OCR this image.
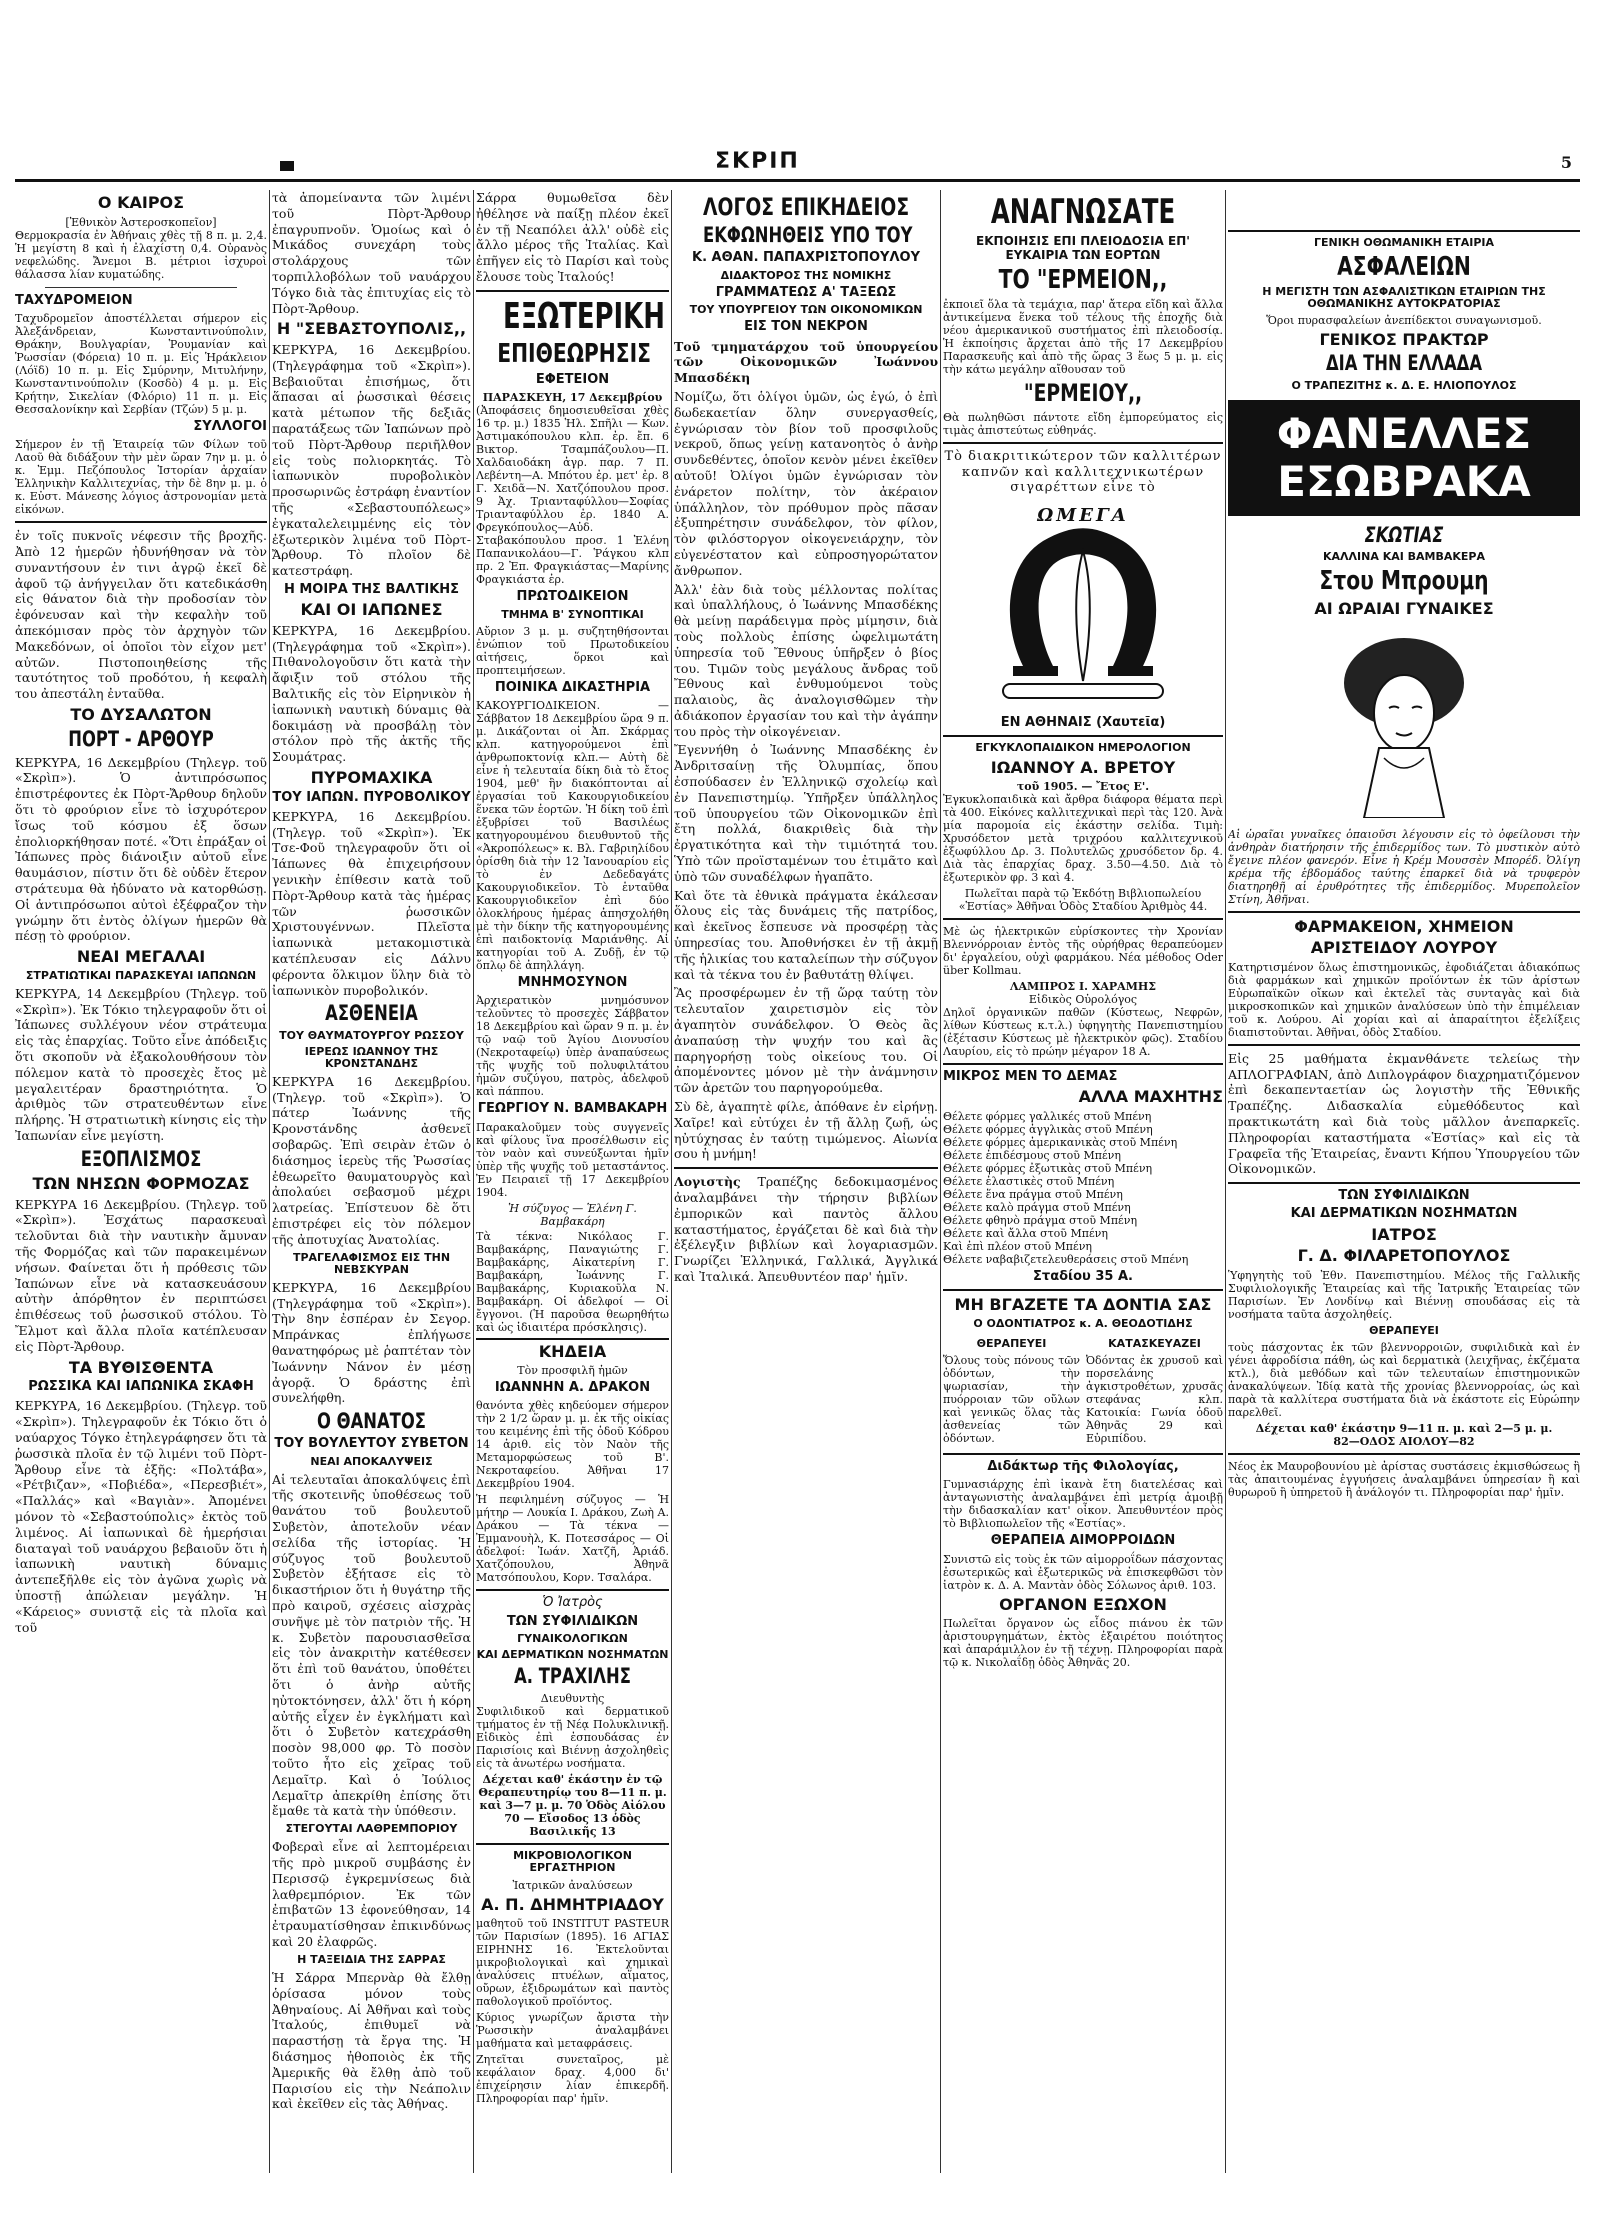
ΣΚΡΙΠ	5
Ο ΚΑΙΡΟΣ
[Ἐθνικὸν Ἀστεροσκοπεῖον]

Θερμοκρασία ἐν Ἀθήναις χθὲς τῇ 8 π. μ. 2,4. Ἡ μεγίστη 8 καὶ ἡ ἐλαχίστη 0,4. Οὐρανὸς νεφελώδης. Ἄνεμοι Β. μέτριοι ἰσχυροὶ θάλασσα λίαν κυματώδης.

ΤΑΧΥΔΡΟΜΕΙΟΝ

Ταχυδρομεῖον ἀποστέλλεται σήμερον εἰς Ἀλεξάνδρειαν, Κωνσταντινούπολιν, Θράκην, Βουλγαρίαν, Ῥουμανίαν καὶ Ῥωσσίαν (Φόρεια) 10 π. μ. Εἰς Ἡράκλειον (Λόϊδ) 10 π. μ. Εἰς Σμύρνην, Μιτυλήνην, Κωνσταντινούπολιν (Κοσδὸ) 4 μ. μ. Εἰς Κρήτην, Σικελίαν (Φλόριο) 11 π. μ. Εἰς Θεσσαλονίκην καὶ Σερβίαν (Τζών) 5 μ. μ.

ΣΥΛΛΟΓΟΙ

Σήμερον ἐν τῇ Ἑταιρείᾳ τῶν Φίλων τοῦ Λαοῦ θὰ διδάξουν τὴν μὲν ὥραν 7ην μ. μ. ὁ κ. Ἐμμ. Πεζόπουλος Ἱστορίαν ἀρχαίαν Ἑλληνικὴν Καλλιτεχνίας, τὴν δὲ 8ην μ. μ. ὁ κ. Εὐστ. Μάνεσης λόγιος ἀστρονομίαν μετὰ εἰκόνων.

ἐν τοῖς πυκνοῖς νέφεσιν τῆς βροχῆς. Ἀπὸ 12 ἡμερῶν ἠδυνήθησαν νὰ τὸν συναντήσουν ἐν τινι ἀγρῷ ἐκεῖ δὲ ἀφοῦ τῷ ἀνήγγειλαν ὅτι κατεδικάσθη εἰς θάνατον διὰ τὴν προδοσίαν τὸν ἐφόνευσαν καὶ τὴν κεφαλὴν τοῦ ἀπεκόμισαν πρὸς τὸν ἀρχηγὸν τῶν Μακεδόνων, οἱ ὁποῖοι τὸν εἶχον μετ' αὐτῶν. Πιστοποιηθείσης τῆς ταυτότητος τοῦ προδότου, ἡ κεφαλὴ του ἀπεστάλη ἐνταῦθα.

ΤΟ ΔΥΣΑΛΩΤΟΝ
ΠΟΡΤ - ΑΡΘΟΥΡ

ΚΕΡΚΥΡΑ, 16 Δεκεμβρίου (Τηλεγρ. τοῦ «Σκρὶπ»). Ὁ ἀντιπρόσωπος ἐπιστρέφοντες ἐκ Πὸρτ-Ἄρθουρ δηλοῦν ὅτι τὸ φρούριον εἶνε τὸ ἰσχυρότερον ἴσως τοῦ κόσμου ἐξ ὅσων ἐπολιορκήθησαν ποτέ. «Ὅτι ἐπράξαν οἱ Ἰάπωνες πρὸς διάνοιξιν αὐτοῦ εἶνε θαυμάσιον, πίστιν ὅτι δὲ οὐδὲν ἕτερον στράτευμα θὰ ἠδύνατο νὰ κατορθώσῃ. Οἱ ἀντιπρόσωποι αὐτοὶ ἐξέφραζον τὴν γνώμην ὅτι ἐντὸς ὀλίγων ἡμερῶν θὰ πέσῃ τὸ φρούριον.

ΝΕΑΙ ΜΕΓΑΛΑΙ
ΣΤΡΑΤΙΩΤΙΚΑΙ ΠΑΡΑΣΚΕΥΑΙ ΙΑΠΩΝΩΝ

ΚΕΡΚΥΡΑ, 14 Δεκεμβρίου (Τηλεγρ. τοῦ «Σκρὶπ»). Ἐκ Τόκιο τηλεγραφοῦν ὅτι οἱ Ἰάπωνες συλλέγουν νέον στράτευμα εἰς τὰς ἐπαρχίας. Τοῦτο εἶνε ἀπόδειξις ὅτι σκοποῦν νὰ ἐξακολουθήσουν τὸν πόλεμον κατὰ τὸ προσεχὲς ἔτος μὲ μεγαλειτέραν δραστηριότητα. Ὁ ἀριθμὸς τῶν στρατευθέντων εἶνε πλήρης. Ἡ στρατιωτικὴ κίνησις εἰς τὴν Ἰαπωνίαν εἶνε μεγίστη.

ΕΞΟΠΛΙΣΜΟΣ
ΤΩΝ ΝΗΣΩΝ ΦΟΡΜΟΖΑΣ

ΚΕΡΚΥΡΑ 16 Δεκεμβρίου. (Τηλεγρ. τοῦ «Σκρὶπ»). Ἐσχάτως παρασκευαὶ τελοῦνται διὰ τὴν ναυτικὴν ἄμυναν τῆς Φορμόζας καὶ τῶν παρακειμένων νήσων. Φαίνεται ὅτι ἡ πρόθεσις τῶν Ἰαπώνων εἶνε νὰ κατασκευάσουν αὐτὴν ἀπόρθητον ἐν περιπτώσει ἐπιθέσεως τοῦ ῥωσσικοῦ στόλου. Τὸ Ἔλμοτ καὶ ἄλλα πλοῖα κατέπλευσαν εἰς Πὸρτ-Ἄρθουρ.

ΤΑ ΒΥΘΙΣΘΕΝΤΑ
ΡΩΣΣΙΚΑ ΚΑΙ ΙΑΠΩΝΙΚΑ ΣΚΑΦΗ

ΚΕΡΚΥΡΑ, 16 Δεκεμβρίου. (Τηλεγρ. τοῦ «Σκρὶπ»). Τηλεγραφοῦν ἐκ Τόκιο ὅτι ὁ ναύαρχος Τόγκο ἐτηλεγράφησεν ὅτι τὰ ῥωσσικὰ πλοῖα ἐν τῷ λιμένι τοῦ Πὸρτ-Ἄρθουρ εἶνε τὰ ἑξῆς: «Πολτάβα», «Ρέτβιζαν», «Ποβιέδα», «Περεσβιέτ», «Παλλάς» καὶ «Βαγιὰν». Ἀπομένει μόνον τὸ «Σεβαστούπολις» ἐκτὸς τοῦ λιμένος. Αἱ ἰαπωνικαὶ δὲ ἡμερήσιαι διαταγαὶ τοῦ ναυάρχου βεβαιοῦν ὅτι ἡ ἰαπωνικὴ ναυτικὴ δύναμις ἀντεπεξῆλθε εἰς τὸν ἀγῶνα χωρὶς νὰ ὑποστῇ ἀπώλειαν μεγάλην. Ἡ «Κάρειος» συνιστᾷ εἰς τὰ πλοῖα καὶ τοῦ

τὰ ἀπομείναντα τῶν λιμένι τοῦ Πὸρτ-Ἄρθουρ ἐπαγρυπνοῦν. Ὁμοίως καὶ ὁ Μικάδος συνεχάρη τοὺς στολάρχους τῶν τορπιλλοβόλων τοῦ ναυάρχου Τόγκο διὰ τὰς ἐπιτυχίας εἰς τὸ Πὸρτ-Ἄρθουρ.

Η "ΣΕΒΑΣΤΟΥΠΟΛΙΣ,,

ΚΕΡΚΥΡΑ, 16 Δεκεμβρίου. (Τηλεγράφημα τοῦ «Σκρὶπ»). Βεβαιοῦται ἐπισήμως, ὅτι ἅπασαι αἱ ῥωσσικαὶ θέσεις κατὰ μέτωπον τῆς δεξιᾶς παρατάξεως τῶν Ἰαπώνων πρὸ τοῦ Πὸρτ-Ἄρθουρ περιῆλθον εἰς τοὺς πολιορκητάς. Τὸ ἰαπωνικὸν πυροβολικὸν προσωρινῶς ἐστράφη ἐναντίον τῆς «Σεβαστουπόλεως» ἐγκαταλελειμμένης εἰς τὸν ἐξωτερικὸν λιμένα τοῦ Πὸρτ-Ἄρθουρ. Τὸ πλοῖον δὲ κατεστράφη.

Η ΜΟΙΡΑ ΤΗΣ ΒΑΛΤΙΚΗΣ
ΚΑΙ ΟΙ ΙΑΠΩΝΕΣ

ΚΕΡΚΥΡΑ, 16 Δεκεμβρίου. (Τηλεγράφημα τοῦ «Σκρὶπ»). Πιθανολογοῦσιν ὅτι κατὰ τὴν ἄφιξιν τοῦ στόλου τῆς Βαλτικῆς εἰς τὸν Εἰρηνικὸν ἡ ἰαπωνικὴ ναυτικὴ δύναμις θὰ δοκιμάσῃ νὰ προσβάλῃ τὸν στόλον πρὸ τῆς ἀκτῆς τῆς Σουμάτρας.

ΠΥΡΟΜΑΧΙΚΑ
ΤΟΥ ΙΑΠΩΝ. ΠΥΡΟΒΟΛΙΚΟΥ

ΚΕΡΚΥΡΑ, 16 Δεκεμβρίου. (Τηλεγρ. τοῦ «Σκρὶπ»). Ἐκ Τσε-Φοῦ τηλεγραφοῦν ὅτι οἱ Ἰάπωνες θὰ ἐπιχειρήσουν γενικὴν ἐπίθεσιν κατὰ τοῦ Πὸρτ-Ἄρθουρ κατὰ τὰς ἡμέρας τῶν ῥωσσικῶν Χριστουγέννων. Πλεῖστα ἰαπωνικὰ μετακομιστικὰ κατέπλευσαν εἰς Δάλνυ φέροντα ὅλκιμον ὕλην διὰ τὸ ἰαπωνικὸν πυροβολικόν.

ΑΣΘΕΝΕΙΑ
ΤΟΥ ΘΑΥΜΑΤΟΥΡΓΟΥ ΡΩΣΣΟΥ
ΙΕΡΕΩΣ ΙΩΑΝΝΟΥ ΤΗΣ ΚΡΟΝΣΤΑΝΔΗΣ

ΚΕΡΚΥΡΑ 16 Δεκεμβρίου. (Τηλεγρ. τοῦ «Σκρὶπ»). Ὁ πάτερ Ἰωάννης τῆς Κρονστάνδης ἀσθενεῖ σοβαρῶς. Ἐπὶ σειρὰν ἐτῶν ὁ διάσημος ἱερεὺς τῆς Ῥωσσίας ἐθεωρεῖτο θαυματουργὸς καὶ ἀπολαύει σεβασμοῦ μέχρι λατρείας. Ἐπίστευον δὲ ὅτι ἐπιστρέφει εἰς τὸν πόλεμον τῆς ἀποτυχίας Ἀνατολίας.

ΤΡΑΓΕΛΑΦΙΣΜΟΣ ΕΙΣ ΤΗΝ ΝΕΒΣΚΥΡΑΝ

ΚΕΡΚΥΡΑ, 16 Δεκεμβρίου (Τηλεγράφημα τοῦ «Σκρὶπ»). Τὴν 8ην ἐσπέραν ἐν Σεγορ. Μπράνκας ἐπλήγωσε θανατηφόρως μὲ ῥαπτέταν τὸν Ἰωάννην Νάνον ἐν μέσῃ ἀγορᾷ. Ὁ δράστης ἐπὶ συνελήφθη.

Ο ΘΑΝΑΤΟΣ
ΤΟΥ ΒΟΥΛΕΥΤΟΥ ΣΥΒΕΤΟΝ
ΝΕΑΙ ΑΠΟΚΑΛΥΨΕΙΣ

Αἱ τελευταῖαι ἀποκαλύψεις ἐπὶ τῆς σκοτεινῆς ὑποθέσεως τοῦ θανάτου τοῦ βουλευτοῦ Συβετὸν, ἀποτελοῦν νέαν σελίδα τῆς ἱστορίας. Ἡ σύζυγος τοῦ βουλευτοῦ Συβετὸν ἐξήτασε εἰς τὸ δικαστήριον ὅτι ἡ θυγάτηρ τῆς πρὸ καιροῦ, σχέσεις αἰσχρὰς συνῆψε μὲ τὸν πατριὸν τῆς. Ἡ κ. Συβετὸν παρουσιασθεῖσα εἰς τὸν ἀνακριτὴν κατέθεσεν ὅτι ἐπὶ τοῦ θανάτου, ὑποθέτει ὅτι ὁ ἀνὴρ αὐτῆς ηὐτοκτόνησεν, ἀλλ' ὅτι ἡ κόρη αὐτῆς εἶχεν ἐν ἐγκλήματι καὶ ὅτι ὁ Συβετὸν κατεχράσθη ποσὸν 98,000 φρ. Τὸ ποσὸν τοῦτο ἦτο εἰς χεῖρας τοῦ Λεμαῖτρ. Καὶ ὁ Ἰούλιος Λεμαῖτρ ἀπεκρίθη ἐπίσης ὅτι ἔμαθε τὰ κατὰ τὴν ὑπόθεσιν.

ΣΤΕΓΟΥΤΑΙ ΛΑΘΡΕΜΠΟΡΙΟΥ

Φοβεραὶ εἶνε αἱ λεπτομέρειαι τῆς πρὸ μικροῦ συμβάσης ἐν Περισσῷ ἐγκρεμνίσεως διὰ λαθρεμπόριον. Ἐκ τῶν ἐπιβατῶν 13 ἐφονεύθησαν, 14 ἐτραυματίσθησαν ἐπικινδύνως καὶ 20 ἐλαφρῶς.

Η ΤΑΞΕΙΔΙΑ ΤΗΣ ΣΑΡΡΑΣ

Ἡ Σάρρα Μπερνὰρ θὰ ἔλθῃ ὁρίσασα μόνον τοὺς Ἀθηναίους. Αἱ Ἀθῆναι καὶ τοὺς Ἰταλούς, ἐπιθυμεῖ νὰ παραστήσῃ τὰ ἔργα της. Ἡ διάσημος ἠθοποιὸς ἐκ τῆς Ἀμερικῆς θὰ ἔλθῃ ἀπὸ τοῦ Παρισίου εἰς τὴν Νεάπολιν καὶ ἐκεῖθεν εἰς τὰς Ἀθήνας.

Σάρρα θυμωθεῖσα δὲν ἠθέλησε νὰ παίξῃ πλέον ἐκεῖ ἐν τῇ Νεαπόλει ἀλλ' οὐδὲ εἰς ἄλλο μέρος τῆς Ἰταλίας. Καὶ ἐπῆγεν εἰς τὸ Παρίσι καὶ τοὺς ἔλουσε τοὺς Ἰταλούς!

ΕΞΩΤΕΡΙΚΗ
ΕΠΙΘΕΩΡΗΣΙΣ
ΕΦΕΤΕΙΟΝ
ΠΑΡΑΣΚΕΥΗ, 17 Δεκεμβρίου

(Ἀποφάσεις δημοσιευθεῖσαι χθὲς 16 τρ. μ.) 1835 Ἡλ. Σπῆλι — Κων. Ἀστιμακόπουλου κλπ. ἐρ. ἔπ. 6 Βικτορ. Τσαμπάζουλου—Π. Χαλδαιοδάκη ἀγρ. παρ. 7 Π. Λεβέντη—Α. Μπότου ἐρ. μετ' ἐρ. 8 Γ. Χειδᾶ—Ν. Χατζόπουλου προσ. 9 Ἀχ. Τριανταφύλλου—Σοφίας Τριανταφύλλου ἐρ. 1840 Α. Φρεγκόπουλος—Αὐδ. Σταβακόπουλου προσ. 1 Ἑλένη Παπανικολάου—Γ. Ῥάγκου κλπ πρ. 2 Ἐπ. Φραγκιάστας—Μαρίνης Φραγκιάστα ἐρ.

ΠΡΩΤΟΔΙΚΕΙΟΝ
ΤΜΗΜΑ Β' ΣΥΝΟΠΤΙΚΑΙ

Αὔριον 3 μ. μ. συζητηθήσονται ἐνώπιον τοῦ Πρωτοδικείου αἰτήσεις, ὅρκοι καὶ προπτειμήσεων.

ΠΟΙΝΙΚΑ ΔΙΚΑΣΤΗΡΙΑ

ΚΑΚΟΥΡΓΙΟΔΙΚΕΙΟΝ. — Σάββατον 18 Δεκεμβρίου ὥρα 9 π. μ. Δικάζονται οἱ Ἀπ. Σκάρμας κλπ. κατηγορούμενοι ἐπὶ ἀνθρωποκτονίᾳ κλπ.— Αὐτὴ δὲ εἶνε ἡ τελευταία δίκη διὰ τὸ ἔτος 1904, μεθ' ἣν διακόπτονται αἱ ἐργασίαι τοῦ Κακουργιοδικείου ἕνεκα τῶν ἑορτῶν. Ἡ δίκη τοῦ ἐπὶ ἐξυβρίσει τοῦ Βασιλέως κατηγορουμένου διευθυντοῦ τῆς «Ἀκροπόλεως» κ. Βλ. Γαβριηλίδου ὁρίσθη διὰ τὴν 12 Ἰανουαρίου εἰς τὸ ἐν Δεδεδαγάτς Κακουργιοδικεῖον. Τὸ ἑνταῦθα Κακουργιοδικεῖον ἐπὶ δύο ὁλοκλήρους ἡμέρας ἀπησχολήθη μὲ τὴν δίκην τῆς κατηγορουμένης ἐπὶ παιδοκτονίᾳ Μαριάνθης. Αἱ κατηγορίαι τοῦ Α. Ζυδῇ, ἐν τῷ ὅπλῳ δὲ ἀπηλλάγη.

ΜΝΗΜΟΣΥΝΟΝ

Ἀρχιερατικὸν μνημόσυνον τελοῦντες τὸ προσεχὲς Σάββατον 18 Δεκεμβρίου καὶ ὥραν 9 π. μ. ἐν τῷ ναῷ τοῦ Ἁγίου Διονυσίου (Νεκροταφείῳ) ὑπὲρ ἀναπαύσεως τῆς ψυχῆς τοῦ πολυφιλτάτου ἡμῶν συζύγου, πατρὸς, ἀδελφοῦ καὶ πάππου.

ΓΕΩΡΓΙΟΥ Ν. ΒΑΜΒΑΚΑΡΗ

Παρακαλοῦμεν τοὺς συγγενεῖς καὶ φίλους ἵνα προσέλθωσιν εἰς τὸν ναὸν καὶ συνεύξωνται ἡμῖν ὑπὲρ τῆς ψυχῆς τοῦ μεταστάντος. Ἐν Πειραιεῖ τῇ 17 Δεκεμβρίου 1904.

Ἡ σύζυγος — Ἑλένη Γ. Βαμβακάρη

Τὰ τέκνα: Νικόλαος Γ. Βαμβακάρης, Παναγιώτης Γ. Βαμβακάρης, Αἰκατερίνη Γ. Βαμβακάρη, Ἰωάννης Γ. Βαμβακάρης, Κυριακοῦλα Ν. Βαμβακάρη. Οἱ ἀδελφοί — Οἱ ἔγγονοι. (Ἡ παροῦσα θεωρηθήτω καὶ ὡς ἰδιαιτέρα πρόσκλησις).

ΚΗΔΕΙΑ
Τὸν προσφιλῆ ἡμῶν
ΙΩΑΝΝΗΝ Α. ΔΡΑΚΟΝ

θανόντα χθὲς κηδεύομεν σήμερον τὴν 2 1/2 ὥραν μ. μ. ἐκ τῆς οἰκίας του κειμένης ἐπὶ τῆς ὁδοῦ Κόδρου 14 ἀριθ. εἰς τὸν Ναὸν τῆς Μεταμορφώσεως τοῦ Β'. Νεκροταφείου. Ἀθῆναι 17 Δεκεμβρίου 1904.

Ἡ πεφιλημένη σύζυγος — Ἡ μήτηρ — Λουκία Ι. Δράκου, Ζωὴ Α. Δράκου — Τὰ τέκνα — Ἐμμανουὴλ, Κ. Ποτεσσάρος — Οἱ ἀδελφοί: Ἰωάν. Χατζῆ, Ἀριάδ. Χατζόπουλου, Ἀθηνᾶ Ματσόπουλου, Κορν. Τσαλάρα.

Ὁ Ἰατρὸς
ΤΩΝ ΣΥΦΙΛΙΔΙΚΩΝ
ΓΥΝΑΙΚΟΛΟΓΙΚΩΝ
ΚΑΙ ΔΕΡΜΑΤΙΚΩΝ ΝΟΣΗΜΑΤΩΝ
Α. ΤΡΑΧΙΛΗΣ
Διευθυντὴς

Συφιλιδικοῦ καὶ δερματικοῦ τμήματος ἐν τῇ Νέᾳ Πολυκλινικῇ. Εἰδικὸς ἐπὶ ἐσπουδάσας ἐν Παρισίοις καὶ Βιέννῃ ἀσχοληθεὶς εἰς τὰ ἀνωτέρω νοσήματα.

Δέχεται καθ' ἑκάστην ἐν τῷ Θεραπευτηρίῳ του 8—11 π. μ. καὶ 3—7 μ. μ. 70 Ὁδὸς Αἰόλου 70 — Εἴσοδος 13 ὁδὸς Βασιλικῆς 13

ΜΙΚΡΟΒΙΟΛΟΓΙΚΟΝ ΕΡΓΑΣΤΗΡΙΟΝ
Ἰατρικῶν ἀναλύσεων
Α. Π. ΔΗΜΗΤΡΙΑΔΟΥ

μαθητοῦ τοῦ INSTITUT PASTEUR τῶν Παρισίων (1895). 16 ΑΓΙΑΣ ΕΙΡΗΝΗΣ 16. Ἐκτελοῦνται μικροβιολογικαὶ καὶ χημικαὶ ἀναλύσεις πτυέλων, αἵματος, οὔρων, ἐξιδρωμάτων καὶ παντὸς παθολογικοῦ προϊόντος.

Κύριος γνωρίζων ἄριστα τὴν Ῥωσσικὴν ἀναλαμβάνει μαθήματα καὶ μεταφράσεις.

Ζητεῖται συνεταῖρος, μὲ κεφάλαιον δραχ. 4,000 δι' ἐπιχείρησιν λίαν ἐπικερδῆ. Πληροφορίαι παρ' ἡμῖν.

ΛΟΓΟΣ ΕΠΙΚΗΔΕΙΟΣ
ΕΚΦΩΝΗΘΕΙΣ ΥΠΟ ΤΟΥ
Κ. ΑΘΑΝ. ΠΑΠΑΧΡΙΣΤΟΠΟΥΛΟΥ
ΔΙΔΑΚΤΟΡΟΣ ΤΗΣ ΝΟΜΙΚΗΣ
ΓΡΑΜΜΑΤΕΩΣ Α' ΤΑΞΕΩΣ
ΤΟΥ ΥΠΟΥΡΓΕΙΟΥ ΤΩΝ ΟΙΚΟΝΟΜΙΚΩΝ
ΕΙΣ ΤΟΝ ΝΕΚΡΟΝ

Τοῦ τμηματάρχου τοῦ ὑπουργείου τῶν Οἰκονομικῶν Ἰωάννου Μπασδέκη

Νομίζω, ὅτι ὁλίγοι ὑμῶν, ὡς ἐγώ, ὁ ἐπὶ δωδεκαετίαν ὅλην συνεργασθείς, ἐγνώρισαν τὸν βίον τοῦ προσφιλοῦς νεκροῦ, ὅπως γείνῃ κατανοητὸς ὁ ἀνὴρ συνδεθέντες, ὁποῖον κενὸν μένει ἐκεῖθεν αὐτοῦ! Ὀλίγοι ὑμῶν ἐγνώρισαν τὸν ἐνάρετον πολίτην, τὸν ἀκέραιον ὑπάλληλον, τὸν πρόθυμον πρὸς πᾶσαν ἐξυπηρέτησιν συνάδελφον, τὸν φίλον, τὸν φιλόστοργον οἰκογενειάρχην, τὸν εὐγενέστατον καὶ εὐπροσηγορώτατον ἄνθρωπον.

Ἀλλ' ἐὰν διὰ τοὺς μέλλοντας πολίτας καὶ ὑπαλλήλους, ὁ Ἰωάννης Μπασδέκης θὰ μείνῃ παράδειγμα πρὸς μίμησιν, διὰ τοὺς πολλοὺς ἐπίσης ὠφελιμωτάτη ὑπηρεσία τοῦ Ἔθνους ὑπῆρξεν ὁ βίος του. Τιμῶν τοὺς μεγάλους ἄνδρας τοῦ Ἔθνους καὶ ἐνθυμούμενοι τοὺς παλαιοὺς, ἂς ἀναλογισθῶμεν τὴν ἀδιάκοπον ἐργασίαν του καὶ τὴν ἀγάπην του πρὸς τὴν οἰκογένειαν.

Ἔγεννήθη ὁ Ἰωάννης Μπασδέκης ἐν Ἀνδριτσαίνῃ τῆς Ὀλυμπίας, ὅπου ἐσπούδασεν ἐν Ἑλληνικῷ σχολείῳ καὶ ἐν Πανεπιστημίῳ. Ὑπῆρξεν ὑπάλληλος τοῦ ὑπουργείου τῶν Οἰκονομικῶν ἐπὶ ἔτη πολλά, διακριθεὶς διὰ τὴν ἐργατικότητα καὶ τὴν τιμιότητά του. Ὑπὸ τῶν προϊσταμένων του ἐτιμᾶτο καὶ ὑπὸ τῶν συναδέλφων ἠγαπᾶτο.

Καὶ ὅτε τὰ ἐθνικὰ πράγματα ἐκάλεσαν ὅλους εἰς τὰς δυνάμεις τῆς πατρίδος, καὶ ἐκεῖνος ἔσπευσε νὰ προσφέρῃ τὰς ὑπηρεσίας του. Ἀποθνήσκει ἐν τῇ ἀκμῇ τῆς ἡλικίας του καταλείπων τὴν σύζυγον καὶ τὰ τέκνα του ἐν βαθυτάτῃ θλίψει.

Ἂς προσφέρωμεν ἐν τῇ ὥρᾳ ταύτῃ τὸν τελευταῖον χαιρετισμὸν εἰς τὸν ἀγαπητὸν συνάδελφον. Ὁ Θεὸς ἂς ἀναπαύσῃ τὴν ψυχήν του καὶ ἂς παρηγορήσῃ τοὺς οἰκείους του. Οἱ ἀπομένοντες μόνον μὲ τὴν ἀνάμνησιν τῶν ἀρετῶν του παρηγορούμεθα.

Σὺ δὲ, ἀγαπητὲ φίλε, ἀπόθανε ἐν εἰρήνῃ. Χαῖρε! καὶ εὐτύχει ἐν τῇ ἄλλῃ ζωῇ, ὡς ηὐτύχησας ἐν ταύτῃ τιμώμενος. Αἰωνία σου ἡ μνήμη!

Λογιστὴς Τραπέζης δεδοκιμασμένος ἀναλαμβάνει τὴν τήρησιν βιβλίων ἐμπορικῶν καὶ παντὸς ἄλλου καταστήματος, ἐργάζεται δὲ καὶ διὰ τὴν ἐξέλεγξιν βιβλίων καὶ λογαριασμῶν. Γνωρίζει Ἑλληνικά, Γαλλικά, Ἀγγλικά καὶ Ἰταλικά. Ἀπευθυντέον παρ' ἡμῖν.

ΑΝΑΓΝΩΣΑΤΕ
ΕΚΠΟΙΗΣΙΣ ΕΠΙ ΠΛΕΙΟΔΟΣΙΑ ΕΠ' ΕΥΚΑΙΡΙΑ ΤΩΝ ΕΟΡΤΩΝ
ΤΟ "ΕΡΜΕΙΟΝ,,

ἐκποιεῖ ὅλα τὰ τεμάχια, παρ' ἄτερα εἴδη καὶ ἄλλα ἀντικείμενα ἕνεκα τοῦ τέλους τῆς ἐποχῆς διὰ νέου ἀμερικανικοῦ συστήματος ἐπὶ πλειοδοσίᾳ. Ἡ ἐκποίησις ἄρχεται ἀπὸ τῆς 17 Δεκεμβρίου Παρασκευῆς καὶ ἀπὸ τῆς ὥρας 3 ἕως 5 μ. μ. εἰς τὴν κάτω μεγάλην αἴθουσαν τοῦ

"ΕΡΜΕΙΟΥ,,

Θὰ πωληθῶσι πάντοτε εἴδη ἐμπορεύματος εἰς τιμὰς ἀπιστεύτως εὐθηνάς.

Τὸ διακριτικώτερον τῶν καλλιτέρων καπνῶν καὶ καλλιτεχνικωτέρων σιγαρέττων εἶνε τὸ

ΩΜΕΓΑ
ΕΝ ΑΘΗΝΑΙΣ (Χαυτεῖα)
ΕΓΚΥΚΛΟΠΑΙΔΙΚΟΝ ΗΜΕΡΟΛΟΓΙΟΝ
ΙΩΑΝΝΟΥ Α. ΒΡΕΤΟΥ
τοῦ 1905. — Ἔτος Ε'.

Ἐγκυκλοπαιδικὰ καὶ ἄρθρα διάφορα θέματα περὶ τὰ 400. Εἰκόνες καλλιτεχνικαὶ περὶ τὰς 120. Ἀνὰ μία παρομοία εἰς ἑκάστην σελίδα. Τιμὴ: Χρυσόδετον μετὰ τριχρόου καλλιτεχνικοῦ ἐξωφύλλου Δρ. 3. Πολυτελῶς χρυσόδετον δρ. 4. Διὰ τὰς ἐπαρχίας δραχ. 3.50—4.50. Διὰ τὸ ἐξωτερικὸν φρ. 3 καὶ 4.

Πωλεῖται παρὰ τῷ Ἐκδότῃ Βιβλιοπωλείου «Ἑστίας» Ἀθῆναι Ὁδὸς Σταδίου Ἀριθμὸς 44.

Μὲ ὡς ἠλεκτρικῶν εὐρίσκοντες τὴν Χρονίαν Βλεννόρροιαν ἐντὸς τῆς οὐρήθρας θεραπεύομεν δι' ἐργαλείου, οὐχὶ φαρμάκου. Νέα μέθοδος Oder über Kollmau.

ΛΑΜΠΡΟΣ Ι. ΧΑΡΑΜΗΣ
Εἰδικὸς Οὐρολόγος

Δηλοῖ ὀργανικῶν παθῶν (Κύστεως, Νεφρῶν, λίθων Κύστεως κ.τ.λ.) ὑφηγητὴς Πανεπιστημίου (ἐξέτασιν Κύστεως μὲ ἠλεκτρικὸν φῶς). Σταδίου Λαυρίου, εἰς τὸ πρώην μέγαρον 18 Α.

ΜΙΚΡΟΣ ΜΕΝ ΤΟ ΔΕΜΑΣ
ΑΛΛΑ ΜΑΧΗΤΗΣ
Θέλετε φόρμες γαλλικές στοῦ Μπένη
Θέλετε φόρμες ἀγγλικὰς στοῦ Μπένη
Θέλετε φόρμες ἀμερικανικὰς στοῦ Μπένη
Θέλετε ἐπιδέσμους στοῦ Μπένη
Θέλετε φόρμες ἐξωτικὰς στοῦ Μπένη
Θέλετε ἐλαστικὲς στοῦ Μπένη
Θέλετε ἕνα πράγμα στοῦ Μπένη
Θέλετε καλὸ πράγμα στοῦ Μπένη
Θέλετε φθηνὸ πράγμα στοῦ Μπένη
Θέλετε καὶ ἄλλα στοῦ Μπένη
Καὶ ἐπὶ πλέον στοῦ Μπένη
Θέλετε ναβαβιζετελευθεράσεις στοῦ Μπένη
Σταδίου 35 Α.
ΜΗ ΒΓΑΖΕΤΕ ΤΑ ΔΟΝΤΙΑ ΣΑΣ
Ο ΟΔΟΝΤΙΑΤΡΟΣ κ. Α. ΘΕΟΔΟΤΙΔΗΣ
ΘΕΡΑΠΕΥΕΙ

Ὅλους τοὺς πόνους τῶν ὀδόντων, τὴν ψωριασίαν, τὴν πυόρροιαν τῶν οὔλων καὶ γενικῶς ὅλας τὰς ἀσθενείας τῶν ὀδόντων.

ΚΑΤΑΣΚΕΥΑΖΕΙ

Ὀδόντας ἐκ χρυσοῦ καὶ πορσελάνης ἀγκιστροθέτων, χρυσᾶς στεφάνας κλπ. Κατοικία: Γωνία ὁδοῦ Ἀθηνᾶς 29 καὶ Εὐριπίδου.

Διδάκτωρ τῆς Φιλολογίας,

Γυμνασιάρχης ἐπὶ ἱκανὰ ἔτη διατελέσας καὶ ἀνταγωνιστὴς ἀναλαμβάνει ἐπὶ μετρίᾳ ἀμοιβῇ τὴν διδασκαλίαν κατ' οἶκον. Ἀπευθυντέον πρὸς τὸ Βιβλιοπωλεῖον τῆς «Ἑστίας».

ΘΕΡΑΠΕΙΑ ΑΙΜΟΡΡΟΙΔΩΝ

Συνιστῶ εἰς τοὺς ἐκ τῶν αἱμορροΐδων πάσχοντας ἐσωτερικῶς καὶ ἐξωτερικῶς νὰ ἐπισκεφθῶσι τὸν ἰατρὸν κ. Δ. Α. Μαντὰν ὁδὸς Σόλωνος ἀριθ. 103.

ΟΡΓΑΝΟΝ ΕΞΩΧΟΝ

Πωλεῖται ὄργανον ὡς εἶδος πιάνου ἐκ τῶν ἀριστουργημάτων, ἐκτὸς ἐξαιρέτου ποιότητος καὶ ἀπαράμιλλον ἐν τῇ τέχνῃ. Πληροφορίαι παρὰ τῷ κ. Νικολαΐδῃ ὁδὸς Ἀθηνᾶς 20.

ΓΕΝΙΚΗ ΟΘΩΜΑΝΙΚΗ ΕΤΑΙΡΙΑ
ΑΣΦΑΛΕΙΩΝ
Η ΜΕΓΙΣΤΗ ΤΩΝ ΑΣΦΑΛΙΣΤΙΚΩΝ ΕΤΑΙΡΙΩΝ ΤΗΣ ΟΘΩΜΑΝΙΚΗΣ ΑΥΤΟΚΡΑΤΟΡΙΑΣ

Ὅροι πυρασφαλείων ἀνεπίδεκτοι συναγωνισμοῦ.

ΓΕΝΙΚΟΣ ΠΡΑΚΤΩΡ
ΔΙΑ ΤΗΝ ΕΛΛΑΔΑ
Ο ΤΡΑΠΕΖΙΤΗΣ κ. Δ. Ε. ΗΛΙΟΠΟΥΛΟΣ
ΦΑΝΕΛΛΕΣ ΕΣΩΒΡΑΚΑ
ΣΚΩΤΙΑΣ
ΚΑΛΛΙΝΑ ΚΑΙ ΒΑΜΒΑΚΕΡΑ
Στου Μπρουμη
ΑΙ ΩΡΑΙΑΙ ΓΥΝΑΙΚΕΣ

Αἱ ὡραῖαι γυναῖκες ὁπαιοῦσι λέγουσιν εἰς τὸ ὀφείλουσι τὴν ἀνθηρὰν διατήρησιν τῆς ἐπιδερμίδος των. Τὸ μυστικὸν αὐτὸ ἔγεινε πλέον φανερόν. Εἶνε ἡ Κρέμ Μουσσὲν Μπορέδ. Ὀλίγη κρέμα τῆς ἑβδομάδος ταύτης ἐπαρκεῖ διὰ νὰ τρυφερὸν διατηρηθῇ αἱ ἐρυθρότητες τῆς ἐπιδερμίδος. Μυρεπολεῖον Στίνη, Ἀθῆναι.

ΦΑΡΜΑΚΕΙΟΝ, ΧΗΜΕΙΟΝ
ΑΡΙΣΤΕΙΔΟΥ ΛΟΥΡΟΥ

Κατηρτισμένον ὅλως ἐπιστημονικῶς, ἐφοδιάζεται ἀδιακόπως διὰ φαρμάκων καὶ χημικῶν προϊόντων ἐκ τῶν ἀρίστων Εὐρωπαϊκῶν οἴκων καὶ ἐκτελεῖ τὰς συνταγὰς καὶ διὰ μικροσκοπικῶν καὶ χημικῶν ἀναλύσεων ὑπὸ τὴν ἐπιμέλειαν τοῦ κ. Λούρου. Αἱ χορίαι καὶ αἱ ἀπαραίτητοι ἐξελίξεις διαπιστοῦνται. Ἀθῆναι, ὁδὸς Σταδίου.

Εἰς 25 μαθήματα ἐκμανθάνετε τελείως τὴν ΑΠΛΟΓΡΑΦΙΑΝ, ἀπὸ Διπλογράφον διαχρηματιζόμενον ἐπὶ δεκαπενταετίαν ὡς λογιστὴν τῆς Ἐθνικῆς Τραπέζης. Διδασκαλία εὐμεθόδευτος καὶ πρακτικωτάτη καὶ διὰ τοὺς μᾶλλον ἀνεπαρκεῖς. Πληροφορίαι καταστήματα «Ἑστίας» καὶ εἰς τὰ Γραφεῖα τῆς Ἐταιρείας, ἔναντι Κήπου Ὑπουργείου τῶν Οἰκονομικῶν.

ΤΩΝ ΣΥΦΙΛΙΔΙΚΩΝ
ΚΑΙ ΔΕΡΜΑΤΙΚΩΝ ΝΟΣΗΜΑΤΩΝ
ΙΑΤΡΟΣ
Γ. Δ. ΦΙΛΑΡΕΤΟΠΟΥΛΟΣ

Ὑφηγητὴς τοῦ Ἐθν. Πανεπιστημίου. Μέλος τῆς Γαλλικῆς Συφιλιολογικῆς Ἑταιρείας καὶ τῆς Ἰατρικῆς Ἑταιρείας τῶν Παρισίων. Ἐν Λονδίνῳ καὶ Βιέννῃ σπουδάσας εἰς τὰ νοσήματα ταῦτα ἀσχοληθείς.

ΘΕΡΑΠΕΥΕΙ

τοὺς πάσχοντας ἐκ τῶν βλεννορροιῶν, συφιλιδικὰ καὶ ἐν γένει ἀφροδίσια πάθη, ὡς καὶ δερματικὰ (λειχῆνας, ἐκζέματα κτλ.), διὰ μεθόδων καὶ τῶν τελευταίων ἐπιστημονικῶν ἀνακαλύψεων. Ἰδίᾳ κατὰ τῆς χρονίας βλεννορροίας, ὡς καὶ παρὰ τὰ καλλίτερα συστήματα διὰ νὰ ἑκάστοτε εἰς Εὐρώπην παρελθεῖ.

Δέχεται καθ' ἑκάστην 9—11 π. μ. καὶ 2—5 μ. μ.
82—ΟΔΟΣ ΑΙΟΛΟΥ—82

Νέος ἐκ Μαυροβουνίου μὲ ἀρίστας συστάσεις ἐκμισθώσεως ἢ τὰς ἀπαιτουμένας ἐγγυήσεις ἀναλαμβάνει ὑπηρεσίαν ἢ καὶ θυρωροῦ ἢ ὑπηρετοῦ ἢ ἀνάλογόν τι. Πληροφορίαι παρ' ἡμῖν.
